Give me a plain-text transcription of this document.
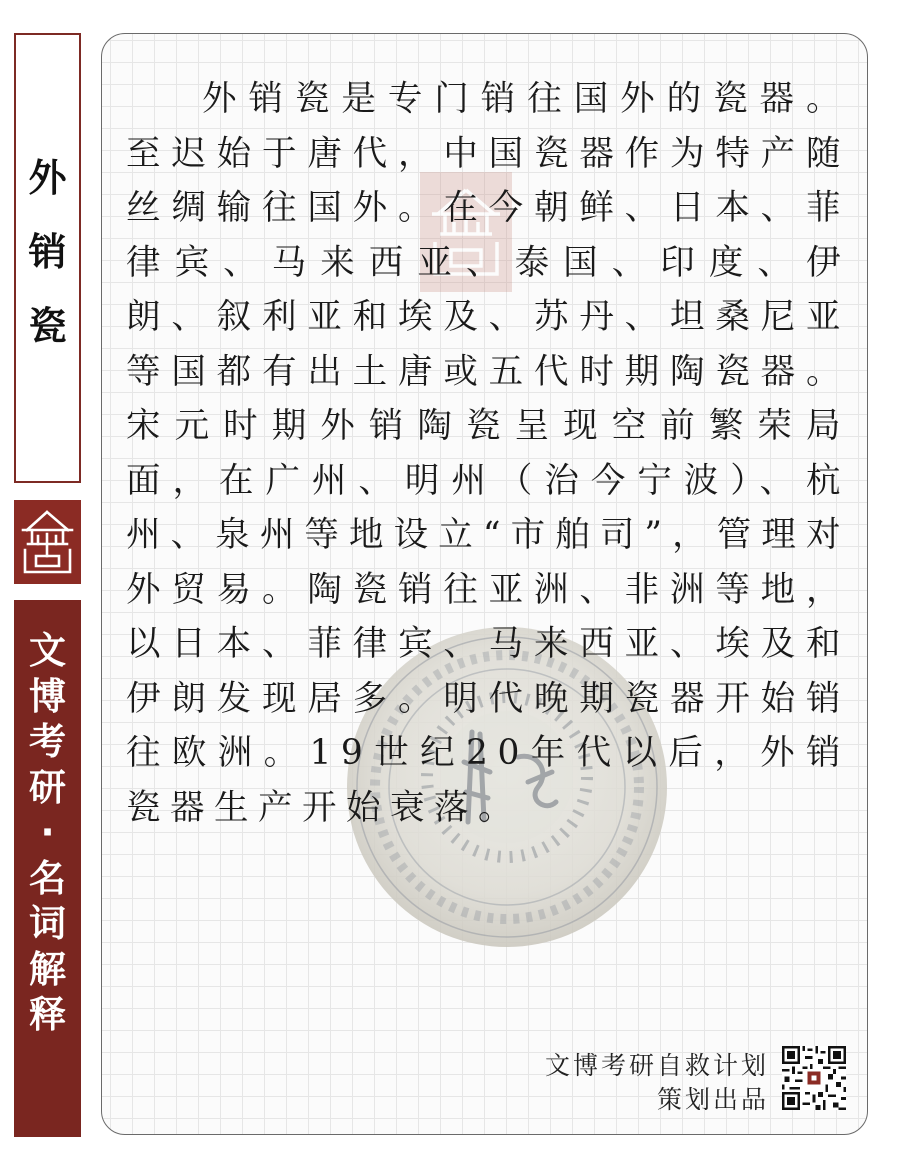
外
销
瓷
文
博
考
研
·
名
词
解
释
外销瓷是专门销往国外的瓷器。至迟始于唐代，中国瓷器作为特产随丝绸输往国外。在今朝鲜、日本、菲律宾、马来西亚、泰国、印度、伊朗、叙利亚和埃及、苏丹、坦桑尼亚等国都有出土唐或五代时期陶瓷器。宋元时期外销陶瓷呈现空前繁荣局面，在广州、明州（治今宁波）、杭州、泉州等地设立“市舶司”，管理对外贸易。陶瓷销往亚洲、非洲等地，以日本、菲律宾、马来西亚、埃及和伊朗发现居多。明代晚期瓷器开始销往欧洲。19世纪20年代以后，外销瓷器生产开始衰落。
文博考研自救计划
策划出品
